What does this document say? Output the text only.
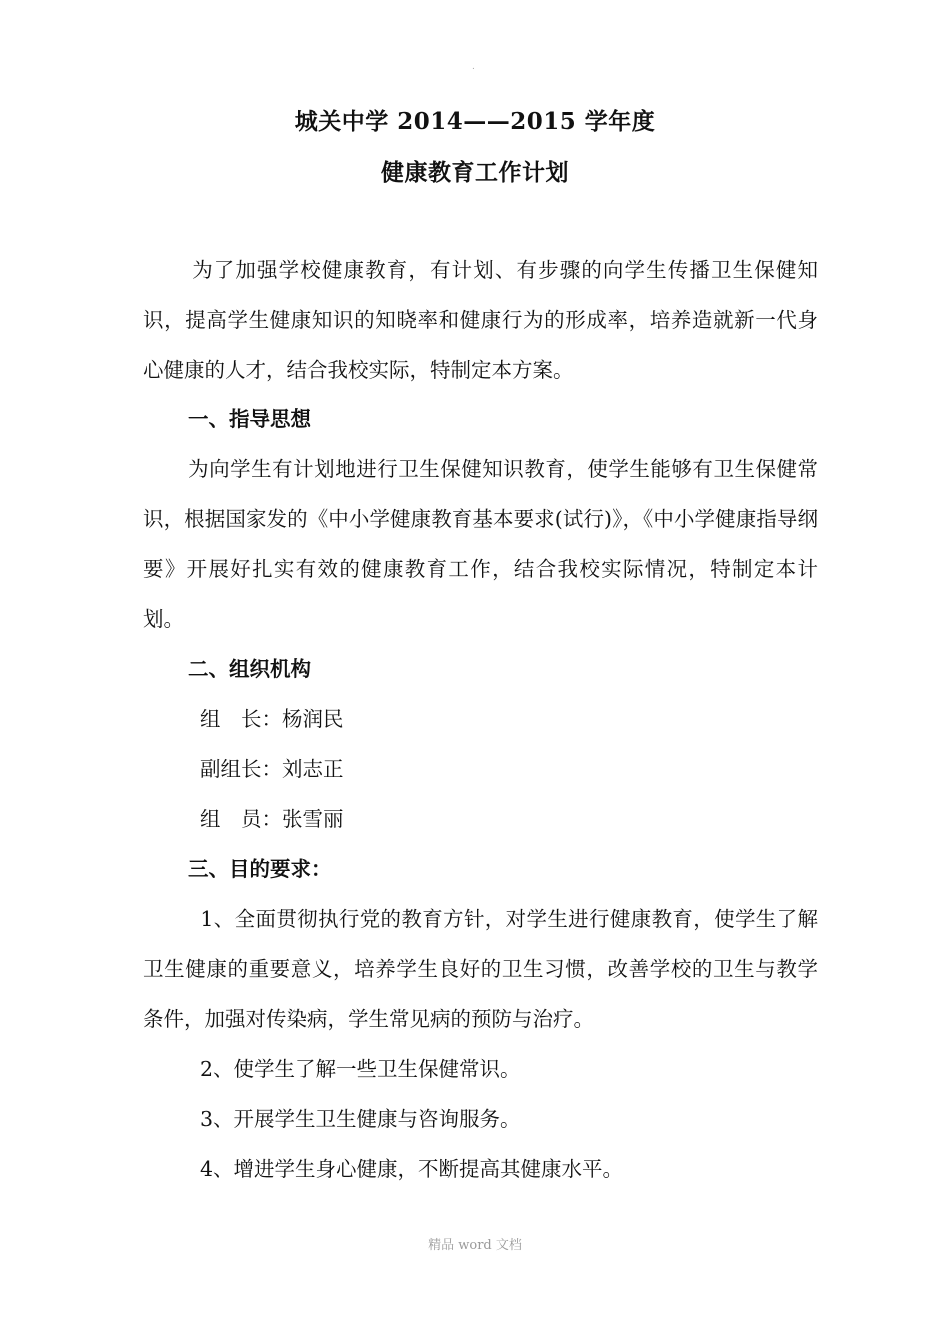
.
城关中学 2014——2015 学年度
健康教育工作计划
为了加强学校健康教育，有计划、有步骤的向学生传播卫生保健知识，提高学生健康知识的知晓率和健康行为的形成率，培养造就新一代身心健康的人才，结合我校实际，特制定本方案。
一、指导思想
为向学生有计划地进行卫生保健知识教育，使学生能够有卫生保健常识，根据国家发的《中小学健康教育基本要求(试行)》，《中小学健康指导纲要》开展好扎实有效的健康教育工作，结合我校实际情况，特制定本计划。
二、组织机构
组　长：杨润民
副组长：刘志正
组　员：张雪丽
三、目的要求：
1、全面贯彻执行党的教育方针，对学生进行健康教育，使学生了解卫生健康的重要意义，培养学生良好的卫生习惯，改善学校的卫生与教学条件，加强对传染病，学生常见病的预防与治疗。
2、使学生了解一些卫生保健常识。
3、开展学生卫生健康与咨询服务。
4、增进学生身心健康，不断提高其健康水平。
精品 word 文档
